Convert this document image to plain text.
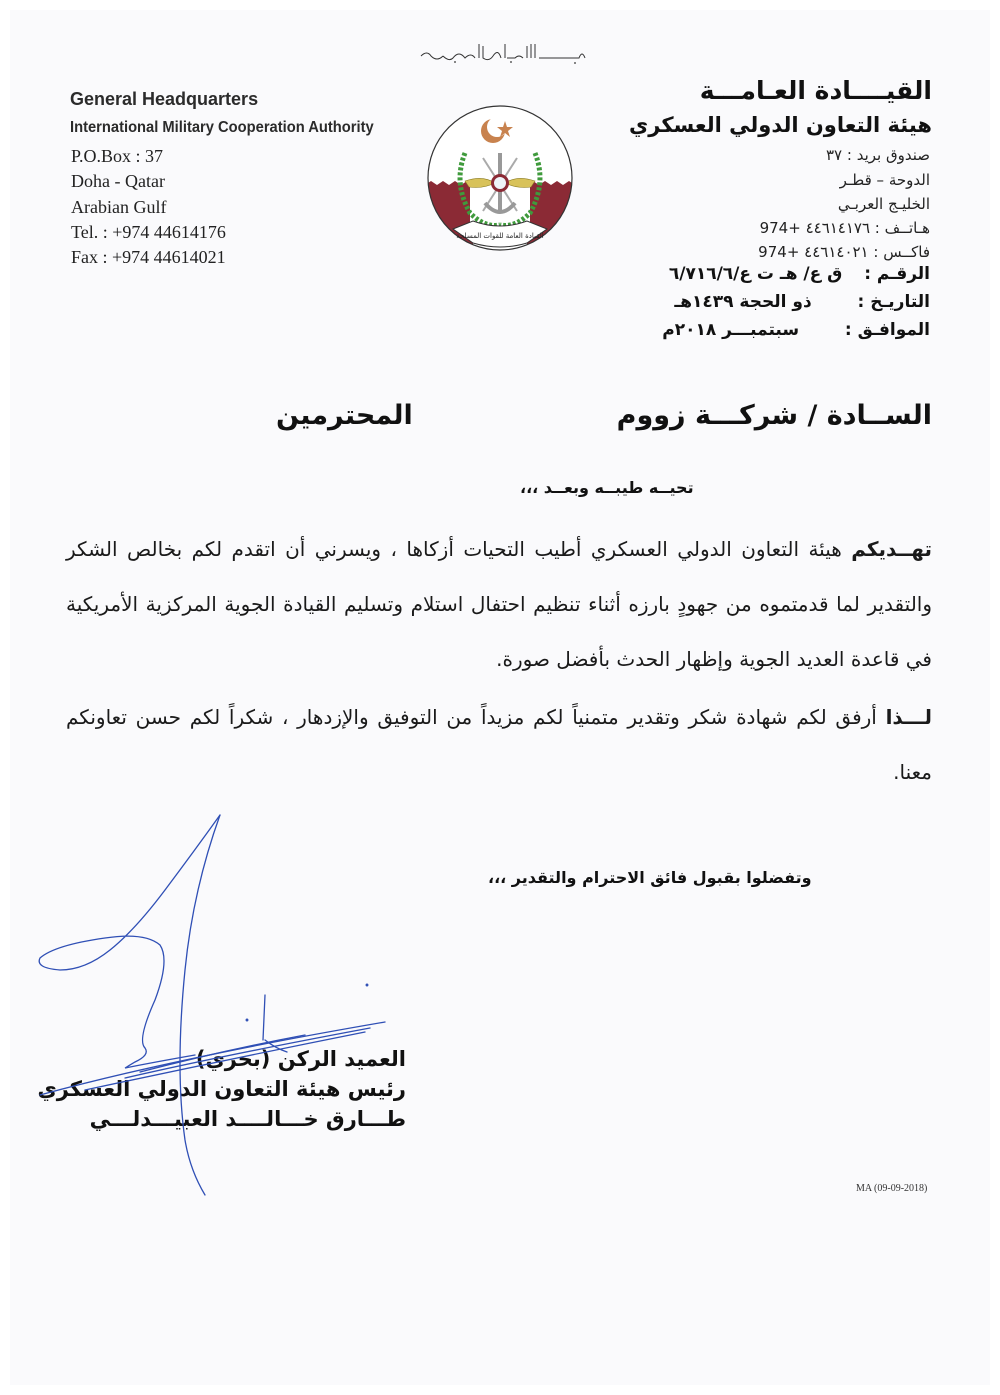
General Headquarters
International Military Cooperation Authority
P.O.Box : 37
Doha - Qatar
Arabian Gulf
Tel. : +974 44614176
Fax : +974 44614021
القيادة العامة للقوات المسلحة
القيــــادة العـامـــة
هيئة التعاون الدولي العسكري
صندوق بريد : ٣٧
الدوحة – قطـر
الخليـج العربـي
هـاتــف : ٤٤٦١٤١٧٦ +974
فاكــس : ٤٤٦١٤٠٢١ +974
الرقـم :  ق ع/ هـ ت ع/٦/٧١٦/٦
التاريـخ :  ذو الحجة ١٤٣٩هـ
الموافـق :  سبتمبـــر ٢٠١٨م
الســادة / شركـــة زووم
المحترمين
تحيــه طيبــه وبعــد ،،،
تهــديكم هيئة التعاون الدولي العسكري أطيب التحيات أزكاها ، ويسرني أن اتقدم لكم بخالص الشكر والتقدير لما قدمتموه من جهودٍ بارزه أثناء تنظيم احتفال استلام وتسليم القيادة الجوية المركزية الأمريكية في قاعدة العديد الجوية وإظهار الحدث بأفضل صورة.
لـــذا أرفق لكم شهادة شكر وتقدير متمنياً لكم مزيداً من التوفيق والإزدهار ، شكراً لكم حسن تعاونكم معنا.
وتفضلوا بقبول فائق الاحترام والتقدير ،،،
العميد الركن (بحري)
رئيس هيئة التعاون الدولي العسكري
طـــارق خـــالــــد العبيـــدلـــي
MA (09-09-2018)
